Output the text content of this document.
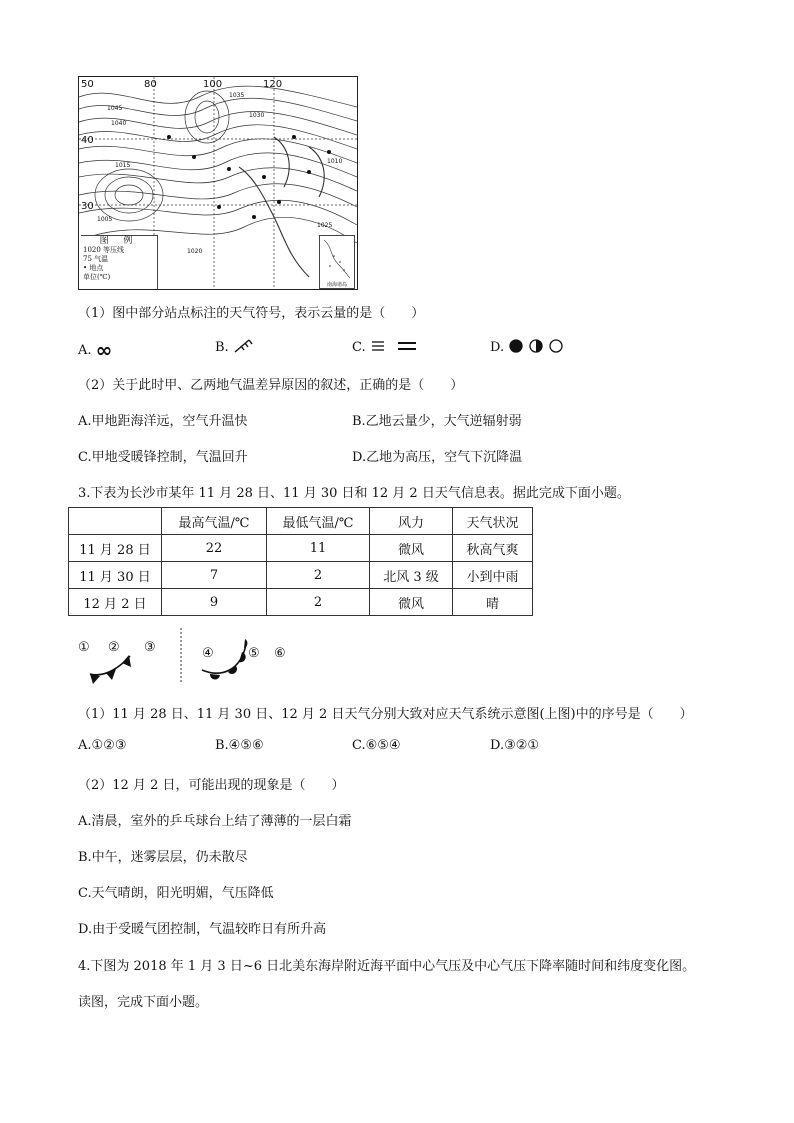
50
40
30
80	100	120
1045
1040
1035
1030
1025
1020
1015
1010
1005
图 例
1020 等压线
75 气温
• 地点
单位(℃)
南海诸岛
（1）图中部分站点标注的天气符号，表示云量的是（　　）
A. ∞	B.	C.	D.
（2）关于此时甲、乙两地气温差异原因的叙述，正确的是（　　）
A.甲地距海洋远，空气升温快	B.乙地云量少，大气逆辐射弱
C.甲地受暖锋控制，气温回升	D.乙地为高压，空气下沉降温
3.下表为长沙市某年 11 月 28 日、11 月 30 日和 12 月 2 日天气信息表。据此完成下面小题。
	最高气温/℃	最低气温/℃	风力	天气状况
11 月 28 日	22	11	微风	秋高气爽
11 月 30 日	7	2	北风 3 级	小到中雨
12 月 2 日	9	2	微风	晴
① ② ③	④	⑤ ⑥
（1）11 月 28 日、11 月 30 日、12 月 2 日天气分别大致对应天气系统示意图(上图)中的序号是（　　）
A.①②③	B.④⑤⑥	C.⑥⑤④	D.③②①
（2）12 月 2 日，可能出现的现象是（　　）
A.清晨，室外的乒乓球台上结了薄薄的一层白霜
B.中午，迷雾层层，仍未散尽
C.天气晴朗，阳光明媚，气压降低
D.由于受暖气团控制，气温较昨日有所升高
4.下图为 2018 年 1 月 3 日~6 日北美东海岸附近海平面中心气压及中心气压下降率随时间和纬度变化图。
读图，完成下面小题。
